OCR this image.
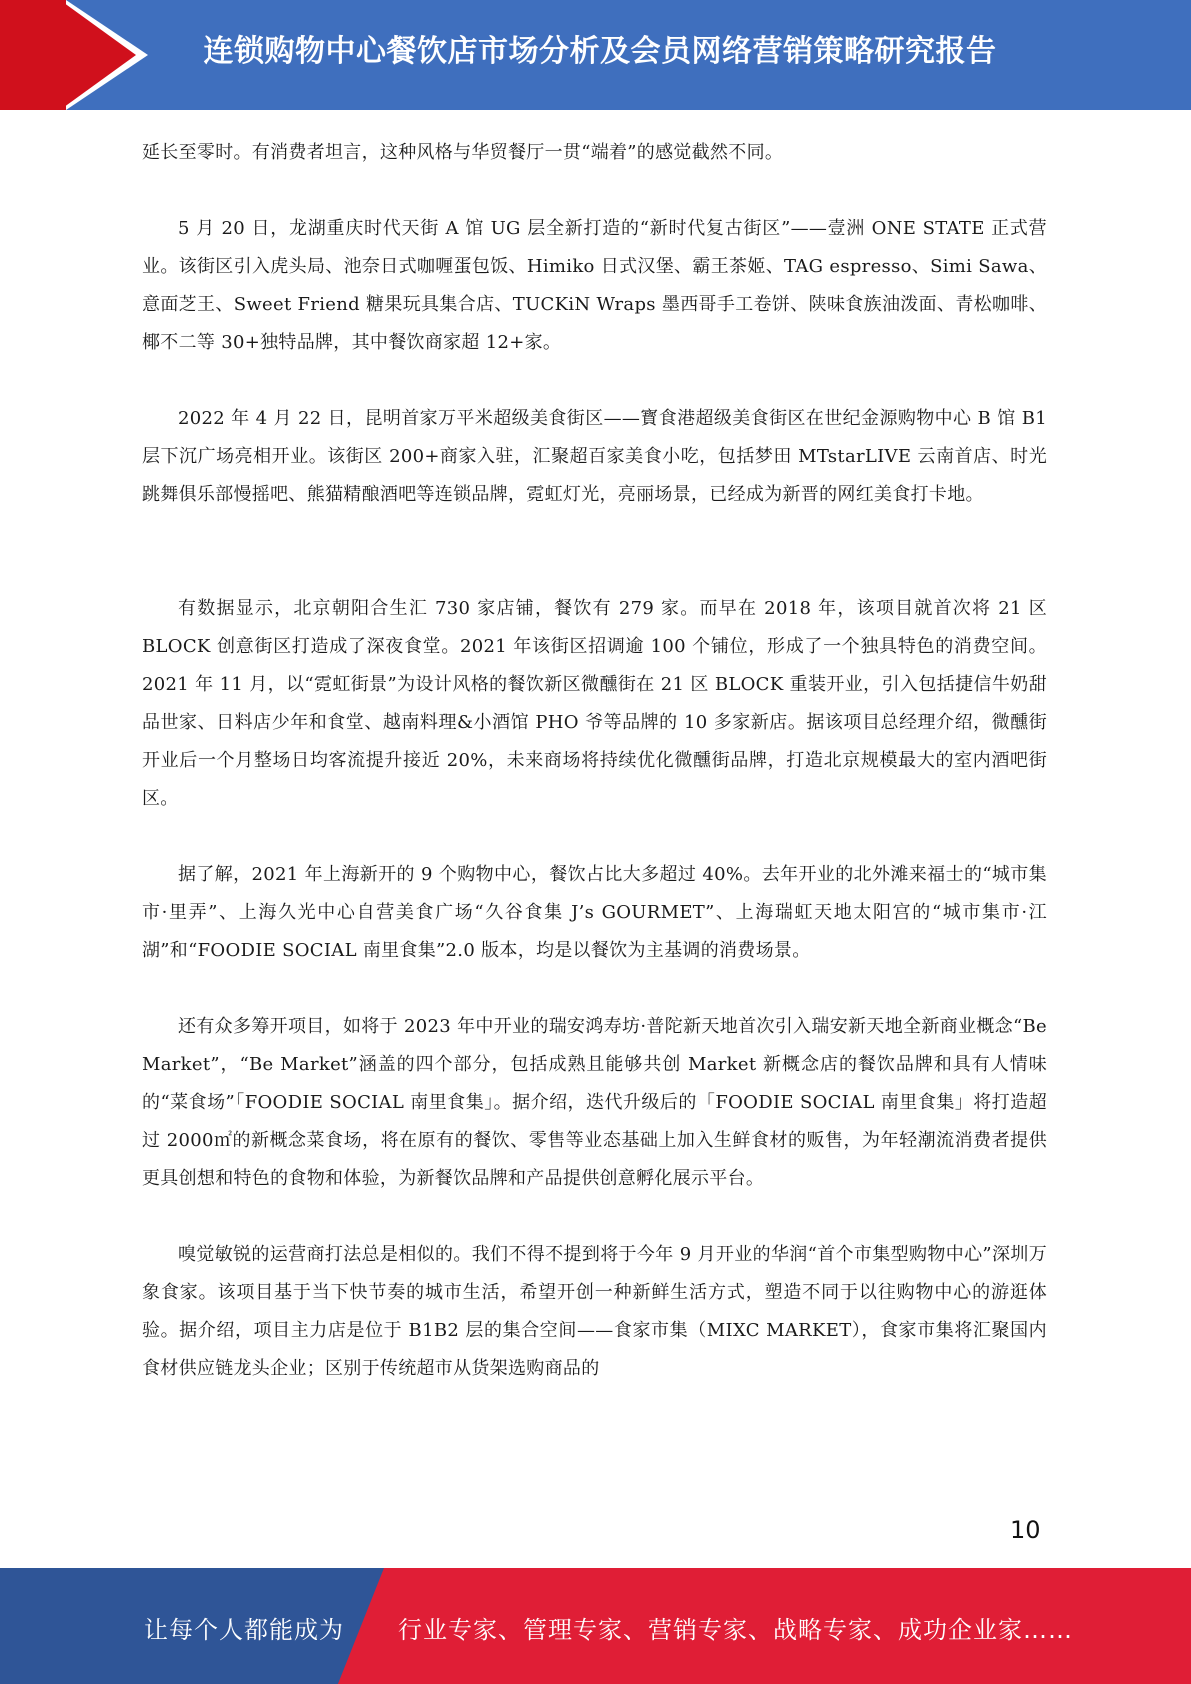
连锁购物中心餐饮店市场分析及会员网络营销策略研究报告

延长至零时。有消费者坦言，这种风格与华贸餐厅一贯“端着”的感觉截然不同。

5 月 20 日，龙湖重庆时代天街 A 馆 UG 层全新打造的“新时代复古街区”——壹洲 ONE STATE 正式营业。该街区引入虎头局、池奈日式咖喱蛋包饭、Himiko 日式汉堡、霸王茶姬、TAG espresso、Simi Sawa、意面芝王、Sweet Friend 糖果玩具集合店、TUCKiN Wraps 墨西哥手工卷饼、陕味食族油泼面、青松咖啡、椰不二等 30+独特品牌，其中餐饮商家超 12+家。

2022 年 4 月 22 日，昆明首家万平米超级美食街区——寳食港超级美食街区在世纪金源购物中心 B 馆 B1 层下沉广场亮相开业。该街区 200+商家入驻，汇聚超百家美食小吃，包括梦田 MTstarLIVE 云南首店、时光跳舞俱乐部慢摇吧、熊猫精酿酒吧等连锁品牌，霓虹灯光，亮丽场景，已经成为新晋的网红美食打卡地。

有数据显示，北京朝阳合生汇 730 家店铺，餐饮有 279 家。而早在 2018 年，该项目就首次将 21 区 BLOCK 创意街区打造成了深夜食堂。2021 年该街区招调逾 100 个铺位，形成了一个独具特色的消费空间。2021 年 11 月，以“霓虹街景”为设计风格的餐饮新区微醺街在 21 区 BLOCK 重装开业，引入包括捷信牛奶甜品世家、日料店少年和食堂、越南料理&小酒馆 PHO 爷等品牌的 10 多家新店。据该项目总经理介绍，微醺街开业后一个月整场日均客流提升接近 20%，未来商场将持续优化微醺街品牌，打造北京规模最大的室内酒吧街区。

据了解，2021 年上海新开的 9 个购物中心，餐饮占比大多超过 40%。去年开业的北外滩来福士的“城市集市·里弄”、上海久光中心自营美食广场“久谷食集 J’s GOURMET”、上海瑞虹天地太阳宫的“城市集市·江湖”和“FOODIE SOCIAL 南里食集”2.0 版本，均是以餐饮为主基调的消费场景。

还有众多筹开项目，如将于 2023 年中开业的瑞安鸿寿坊·普陀新天地首次引入瑞安新天地全新商业概念“Be Market”，“Be Market”涵盖的四个部分，包括成熟且能够共创 Market 新概念店的餐饮品牌和具有人情味的“菜食场”「FOODIE SOCIAL 南里食集」。据介绍，迭代升级后的「FOODIE SOCIAL 南里食集」将打造超过 2000㎡的新概念菜食场，将在原有的餐饮、零售等业态基础上加入生鲜食材的贩售，为年轻潮流消费者提供更具创想和特色的食物和体验，为新餐饮品牌和产品提供创意孵化展示平台。

嗅觉敏锐的运营商打法总是相似的。我们不得不提到将于今年 9 月开业的华润“首个市集型购物中心”深圳万象食家。该项目基于当下快节奏的城市生活，希望开创一种新鲜生活方式，塑造不同于以往购物中心的游逛体验。据介绍，项目主力店是位于 B1B2 层的集合空间——食家市集（MIXC MARKET），食家市集将汇聚国内食材供应链龙头企业；区别于传统超市从货架选购商品的

10
让每个人都能成为 行业专家、管理专家、营销专家、战略专家、成功企业家……
